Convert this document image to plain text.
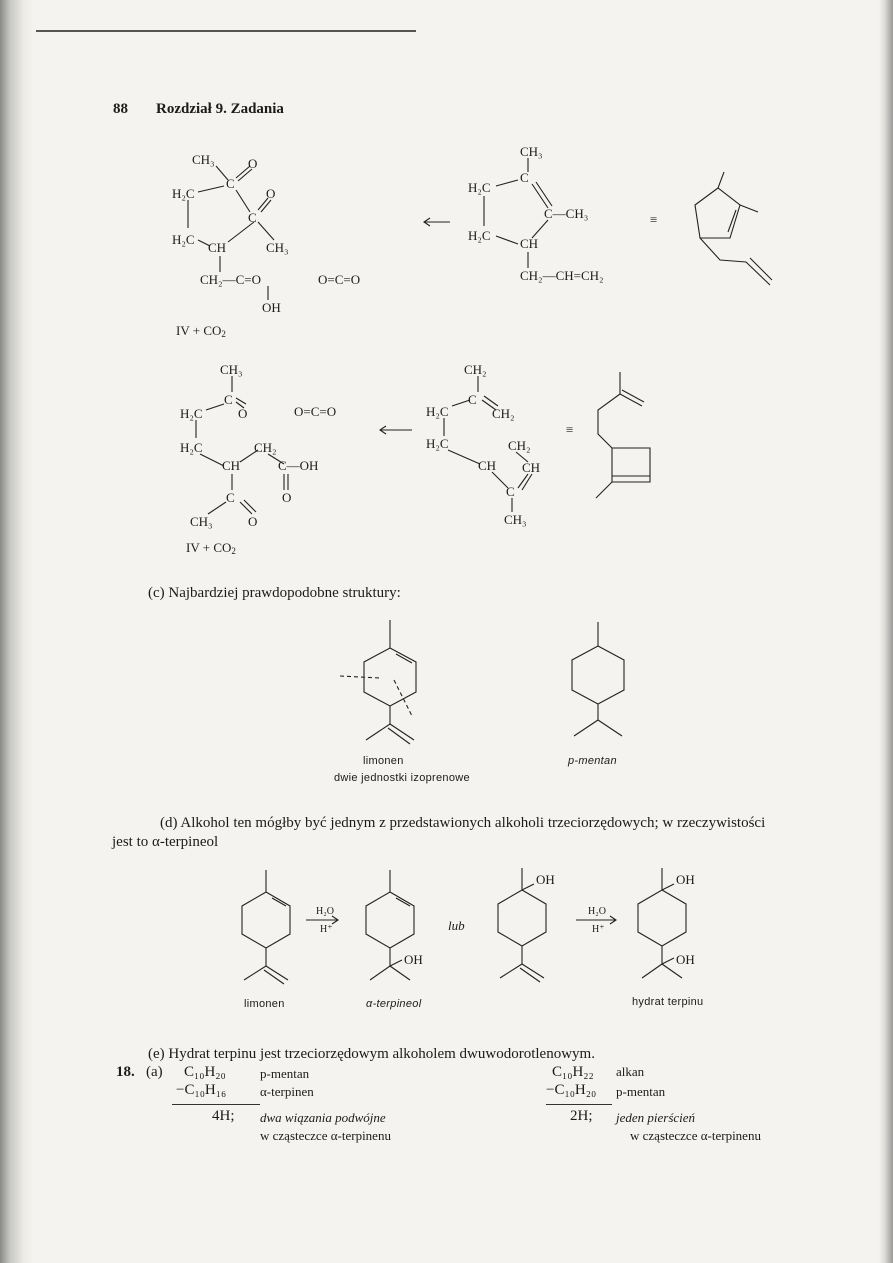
88 Rozdział 9. Zadania
CH₃	O
H₂C
C
O
C
H₂C
CH	CH₃
CH₂—C=O
OH
IV + $CO_2$
O=C=O
CH₃
H₂C
C
C—CH₃
H₂C
CH
CH₂—CH=CH₂
≡
CH₃
H₂C
C
O	O=C=O
H₂C	CH₂
CH	C—OH
O
C
CH₃	O
IV + $CO_2$
CH₂
H₂C
C
CH₂
H₂C	CH₂
CH CH
C
CH₃
≡
(c) Najbardziej prawdopodobne struktury:
limonen
dwie jednostki izoprenowe
p-mentan
(d) Alkohol ten mógłby być jednym z przedstawionych alkoholi trzeciorzędowych; w rzeczywistości
jest to α-terpineol
H₂O
H⁺
OH
lub
OH
H₂O
H⁺
OH
OH
limonen	α-terpineol	hydrat terpinu
(e) Hydrat terpinu jest trzeciorzędowym alkoholem dwuwodorotlenowym.
18. (a) C₁₀H₂₀	p-mentan
−C₁₀H₁₆	α-terpinen
4H; dwa wiązania podwójne
w cząsteczce α-terpinenu
C₁₀H₂₂ alkan
−C₁₀H₂₀ p-mentan
2H; jeden pierścień
w cząsteczce α-terpinenu
